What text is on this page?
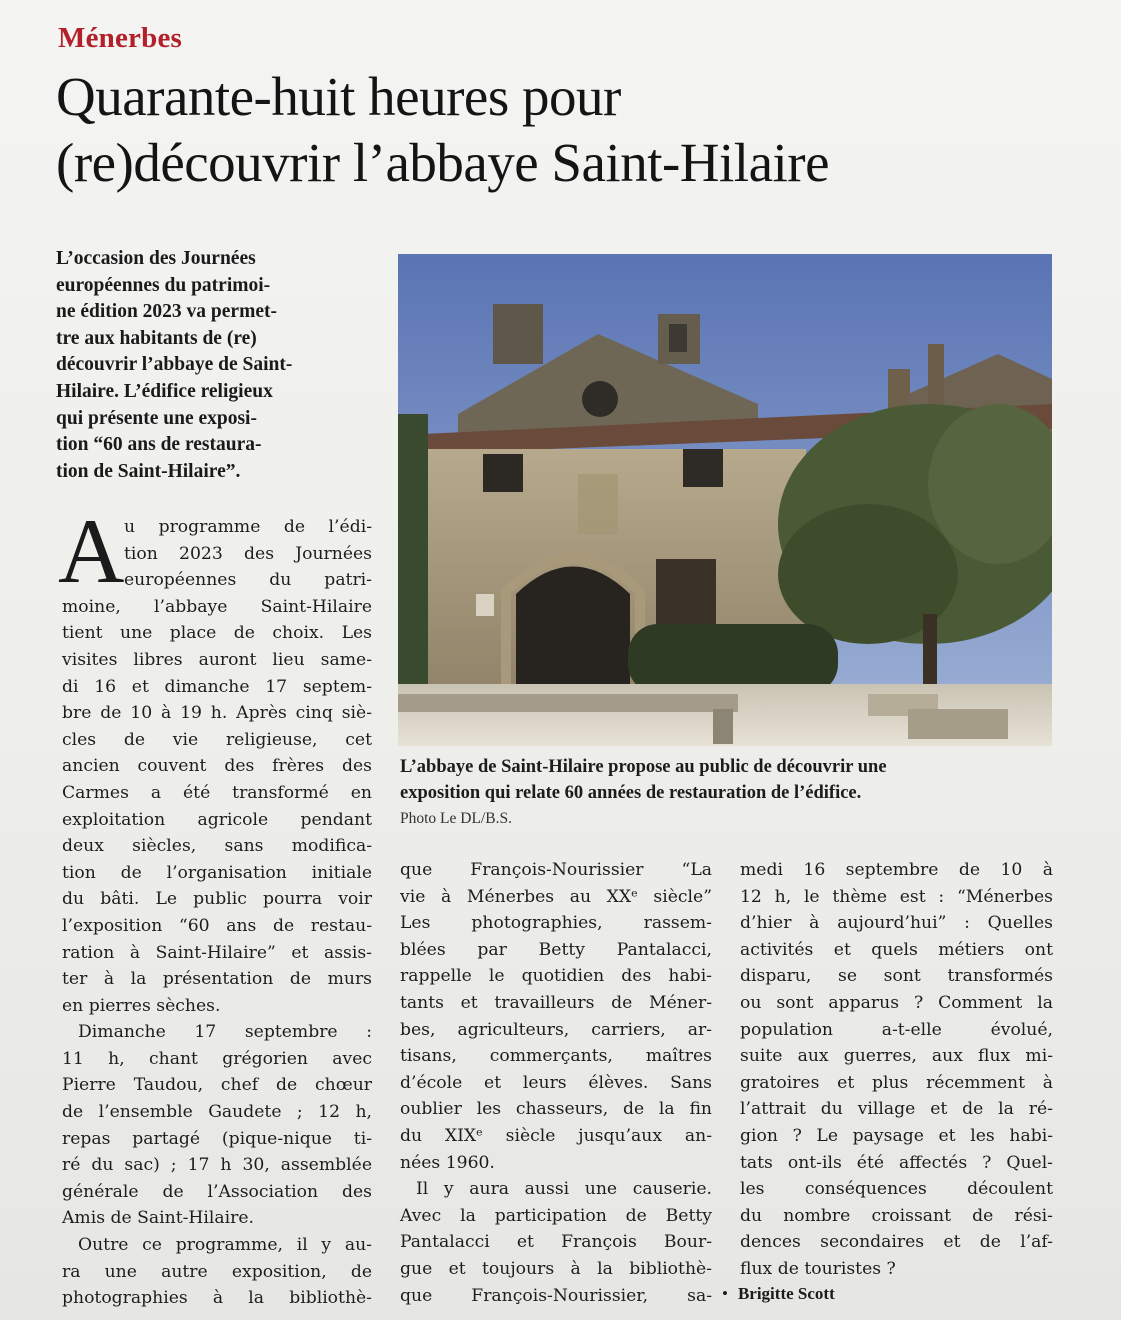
Ménerbes
Quarante-huit heures pour
(re)découvrir l’abbaye Saint-Hilaire
L’occasion des Journées
européennes du patrimoi-
ne édition 2023 va permet-
tre aux habitants de (re)
découvrir l’abbaye de Saint-
Hilaire. L’édifice religieux
qui présente une exposi-
tion “60 ans de restaura-
tion de Saint-Hilaire”.
L’abbaye de Saint-Hilaire propose au public de découvrir une
exposition qui relate 60 années de restauration de l’édifice.
Photo Le DL/B.S.
A u programme de l’édi-
tion 2023 des Journées
européennes du patri-
moine, l’abbaye Saint-Hilaire
tient une place de choix. Les
visites libres auront lieu same-
di 16 et dimanche 17 septem-
bre de 10 à 19 h. Après cinq siè-
cles de vie religieuse, cet
ancien couvent des frères des
Carmes a été transformé en
exploitation agricole pendant
deux siècles, sans modifica-
tion de l’organisation initiale
du bâti. Le public pourra voir
l’exposition “60 ans de restau-
ration à Saint-Hilaire” et assis-
ter à la présentation de murs
en pierres sèches.
Dimanche 17 septembre :
11 h, chant grégorien avec
Pierre Taudou, chef de chœur
de l’ensemble Gaudete ; 12 h,
repas partagé (pique-nique ti-
ré du sac) ; 17 h 30, assemblée
générale de l’Association des
Amis de Saint-Hilaire.
Outre ce programme, il y au-
ra une autre exposition, de
photographies à la bibliothè-
que François-Nourissier “La
vie à Ménerbes au XXᵉ siècle”
Les photographies, rassem-
blées par Betty Pantalacci,
rappelle le quotidien des habi-
tants et travailleurs de Méner-
bes, agriculteurs, carriers, ar-
tisans, commerçants, maîtres
d’école et leurs élèves. Sans
oublier les chasseurs, de la fin
du XIXᵉ siècle jusqu’aux an-
nées 1960.
Il y aura aussi une causerie.
Avec la participation de Betty
Pantalacci et François Bour-
gue et toujours à la bibliothè-
que François-Nourissier, sa-
medi 16 septembre de 10 à
12 h, le thème est : “Ménerbes
d’hier à aujourd’hui” : Quelles
activités et quels métiers ont
disparu, se sont transformés
ou sont apparus ? Comment la
population a-t-elle évolué,
suite aux guerres, aux flux mi-
gratoires et plus récemment à
l’attrait du village et de la ré-
gion ? Le paysage et les habi-
tats ont-ils été affectés ? Quel-
les conséquences découlent
du nombre croissant de rési-
dences secondaires et de l’af-
flux de touristes ?
• Brigitte Scott
